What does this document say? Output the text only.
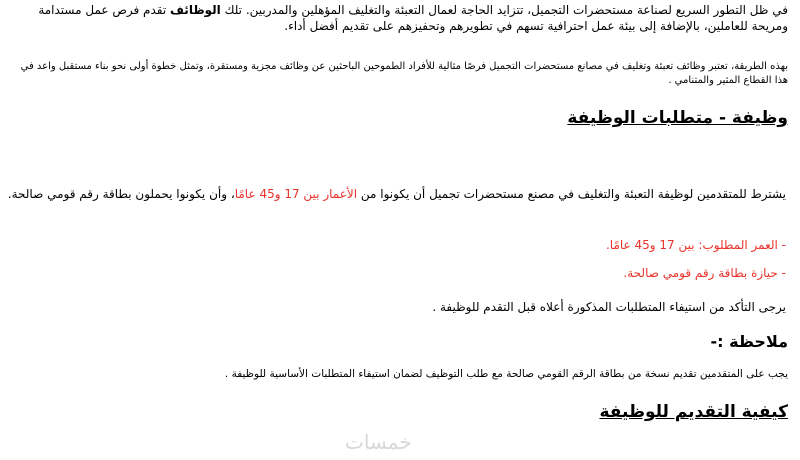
في ظل التطور السريع لصناعة مستحضرات التجميل، تتزايد الحاجة لعمال التعبئة والتغليف المؤهلين والمدربين. تلك الوظائف تقدم فرص عمل مستدامة ومريحة للعاملين، بالإضافة إلى بيئة عمل احترافية تسهم في تطويرهم وتحفيزهم على تقديم أفضل أداء.
بهذه الطريقة، تعتبر وظائف تعبئة وتغليف في مصانع مستحضرات التجميل فرصًا مثالية للأفراد الطموحين الباحثين عن وظائف مجزية ومستقرة، وتمثل خطوة أولى نحو بناء مستقبل واعد في هذا القطاع المثير والمتنامي .
وظيفة - متطلبات الوظيفة
يشترط للمتقدمين لوظيفة التعبئة والتغليف في مصنع مستحضرات تجميل أن يكونوا من الأعمار بين 17 و45 عامًا، وأن يكونوا يحملون بطاقة رقم قومي صالحة.
- العمر المطلوب: بين 17 و45 عامًا.
- حيازة بطاقة رقم قومي صالحة.
يرجى التأكد من استيفاء المتطلبات المذكورة أعلاه قبل التقدم للوظيفة .
ملاحظة :-
يجب على المتقدمين تقديم نسخة من بطاقة الرقم القومي صالحة مع طلب التوظيف لضمان استيفاء المتطلبات الأساسية للوظيفة .
كيفية التقديم للوظيفة
خمسات
